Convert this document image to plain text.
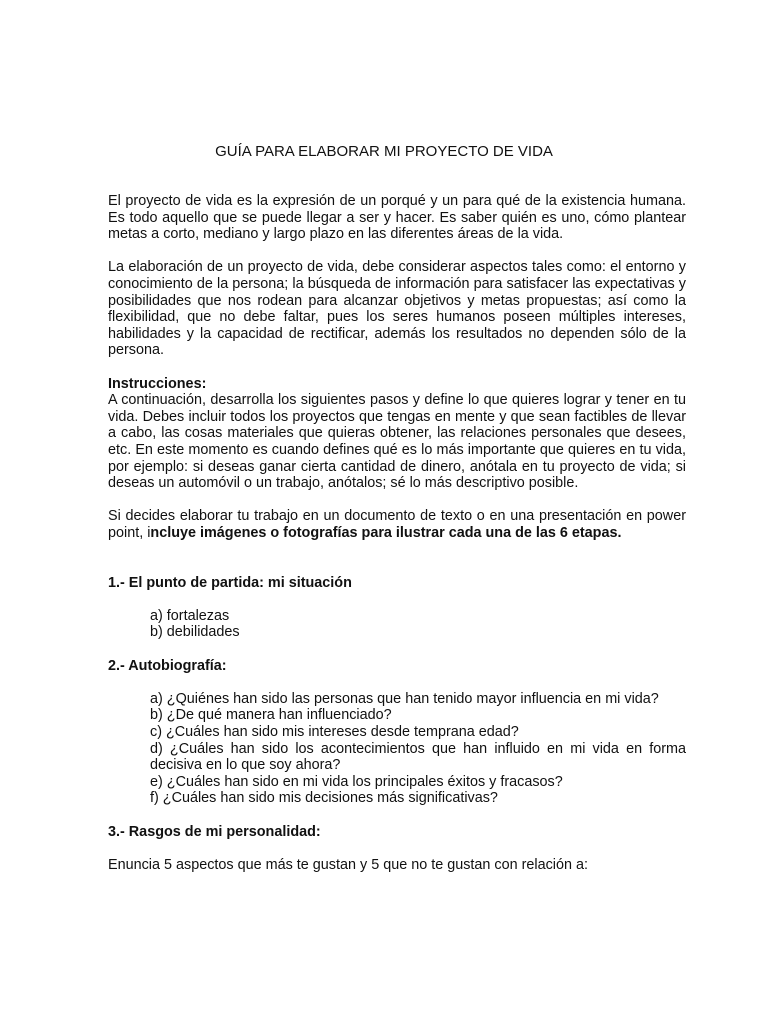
GUÍA PARA ELABORAR MI PROYECTO DE VIDA

El proyecto de vida es la expresión de un porqué y un para qué de la existencia humana. Es todo aquello que se puede llegar a ser y hacer. Es saber quién es uno, cómo plantear metas a corto, mediano y largo plazo en las diferentes áreas de la vida.

La elaboración de un proyecto de vida, debe considerar aspectos tales como: el entorno y conocimiento de la persona; la búsqueda de información para satisfacer las expectativas y posibilidades que nos rodean para alcanzar objetivos y metas propuestas; así como la flexibilidad, que no debe faltar, pues los seres humanos poseen múltiples intereses, habilidades y la capacidad de rectificar, además los resultados no dependen sólo de la persona.

Instrucciones:

A continuación, desarrolla los siguientes pasos y define lo que quieres lograr y tener en tu vida. Debes incluir todos los proyectos que tengas en mente y que sean factibles de llevar a cabo, las cosas materiales que quieras obtener, las relaciones personales que desees, etc. En este momento es cuando defines qué es lo más importante que quieres en tu vida, por ejemplo: si deseas ganar cierta cantidad de dinero, anótala en tu proyecto de vida; si deseas un automóvil o un trabajo, anótalos; sé lo más descriptivo posible.

Si decides elaborar tu trabajo en un documento de texto o en una presentación en power point, incluye imágenes o fotografías para ilustrar cada una de las 6 etapas.

1.- El punto de partida: mi situación

a) fortalezas
b) debilidades

2.- Autobiografía:

a) ¿Quiénes han sido las personas que han tenido mayor influencia en mi vida?
b) ¿De qué manera han influenciado?
c) ¿Cuáles han sido mis intereses desde temprana edad?
d) ¿Cuáles han sido los acontecimientos que han influido en mi vida en forma decisiva en lo que soy ahora?
e) ¿Cuáles han sido en mi vida los principales éxitos y fracasos?
f) ¿Cuáles han sido mis decisiones más significativas?

3.- Rasgos de mi personalidad:

Enuncia 5 aspectos que más te gustan y 5 que no te gustan con relación a:
